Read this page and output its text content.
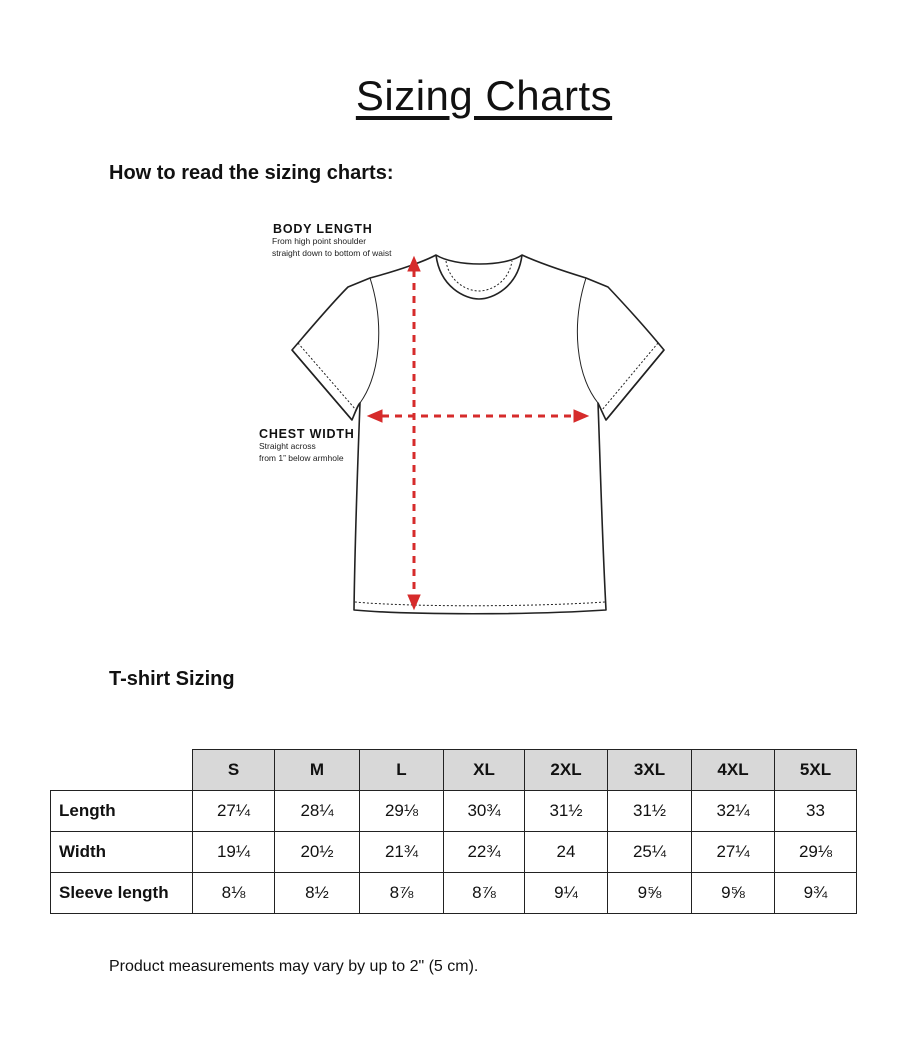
Sizing Charts
How to read the sizing charts:
BODY LENGTH
From high point shoulder
straight down to bottom of waist
CHEST WIDTH
Straight across
from 1” below armhole
T-shirt Sizing
	S	M	L	XL	2XL	3XL	4XL	5XL
Length	27¼	28¼	29⅛	30¾	31½	31½	32¼	33
Width	19¼	20½	21¾	22¾	24	25¼	27¼	29⅛
Sleeve length	8⅛	8½	8⅞	8⅞	9¼	9⅝	9⅝	9¾
Product measurements may vary by up to 2" (5 cm).
